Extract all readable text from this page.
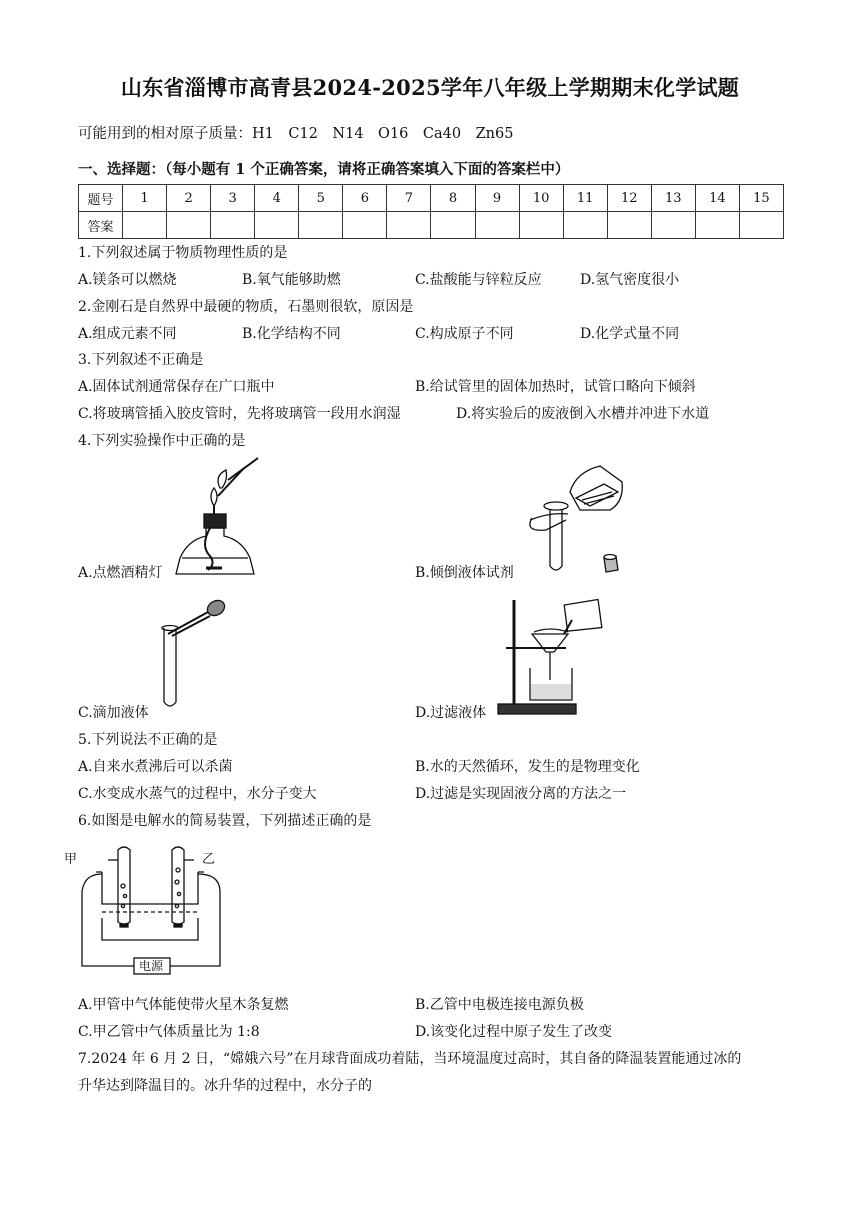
山东省淄博市高青县2024-2025学年八年级上学期期末化学试题
可能用到的相对原子质量：H1　C12　N14　O16　Ca40　Zn65
一、选择题：（每小题有 1 个正确答案，请将正确答案填入下面的答案栏中）
题号	1	2	3	4	5	6	7	8	9	10	11	12	13	14	15
答案															
1.下列叙述属于物质物理性质的是
A.镁条可以燃烧	B.氧气能够助燃	C.盐酸能与锌粒反应	D.氢气密度很小
2.金刚石是自然界中最硬的物质，石墨则很软，原因是
A.组成元素不同	B.化学结构不同	C.构成原子不同	D.化学式量不同
3.下列叙述不正确是
A.固体试剂通常保存在广口瓶中	B.给试管里的固体加热时，试管口略向下倾斜
C.将玻璃管插入胶皮管时，先将玻璃管一段用水润湿	D.将实验后的废液倒入水槽并冲进下水道
4.下列实验操作中正确的是
A.点燃酒精灯	B.倾倒液体试剂
C.滴加液体	D.过滤液体
5.下列说法不正确的是
A.自来水煮沸后可以杀菌	B.水的天然循环，发生的是物理变化
C.水变成水蒸气的过程中，水分子变大	D.过滤是实现固液分离的方法之一
6.如图是电解水的简易装置，下列描述正确的是
甲	乙
电源
A.甲管中气体能使带火星木条复燃	B.乙管中电极连接电源负极
C.甲乙管中气体质量比为 1:8	D.该变化过程中原子发生了改变
7.2024 年 6 月 2 日，“嫦娥六号”在月球背面成功着陆，当环境温度过高时，其自备的降温装置能通过冰的
升华达到降温目的。冰升华的过程中，水分子的
